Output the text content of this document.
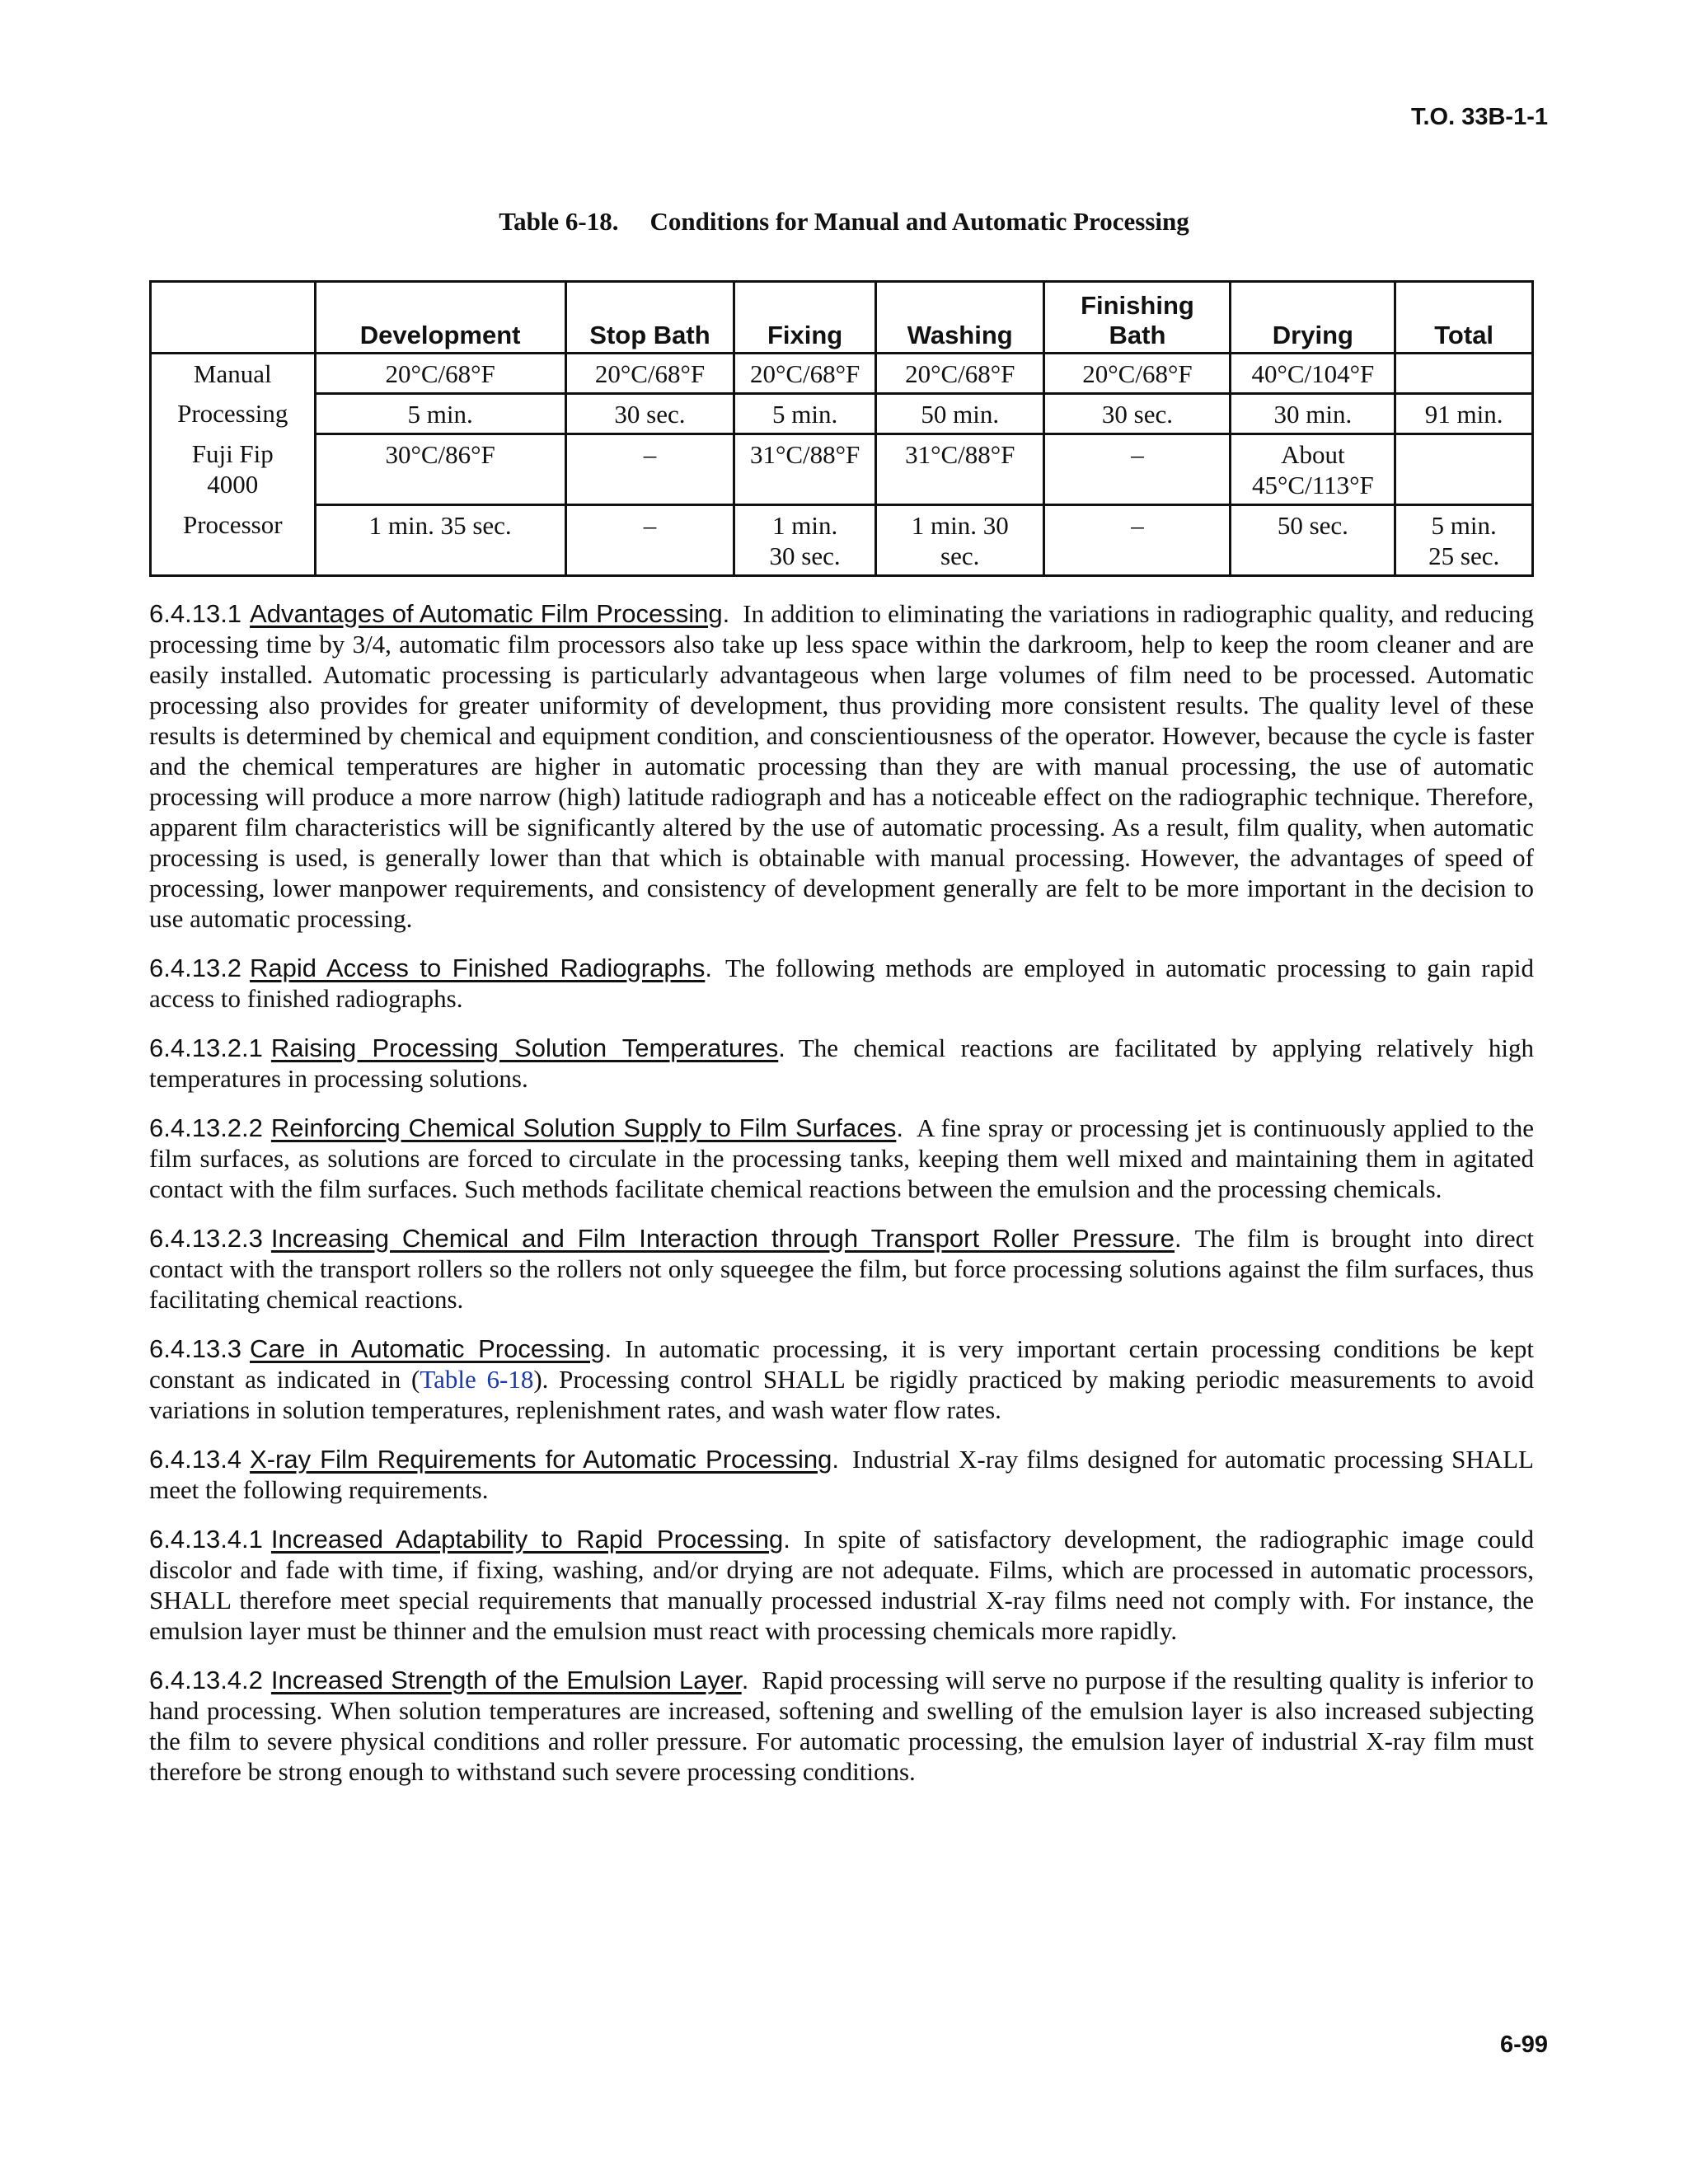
T.O. 33B-1-1

Table 6-18. Conditions for Manual and Automatic Processing

	Development	Stop Bath	Fixing	Washing	Finishing Bath	Drying	Total
Manual	20°C/68°F	20°C/68°F	20°C/68°F	20°C/68°F	20°C/68°F	40°C/104°F	
Processing	5 min.	30 sec.	5 min.	50 min.	30 sec.	30 min.	91 min.
Fuji Fip 4000	30°C/86°F	–	31°C/88°F	31°C/88°F	–	About 45°C/113°F	
Processor	1 min. 35 sec.	–	1 min. 30 sec.	1 min. 30 sec.	–	50 sec.	5 min. 25 sec.

6.4.13.1 Advantages of Automatic Film Processing. In addition to eliminating the variations in radiographic quality, and reducing processing time by 3/4, automatic film processors also take up less space within the darkroom, help to keep the room cleaner and are easily installed. Automatic processing is particularly advantageous when large volumes of film need to be processed. Automatic processing also provides for greater uniformity of development, thus providing more consistent results. The quality level of these results is determined by chemical and equipment condition, and conscientiousness of the operator. However, because the cycle is faster and the chemical temperatures are higher in automatic processing than they are with manual processing, the use of automatic processing will produce a more narrow (high) latitude radiograph and has a noticeable effect on the radiographic technique. Therefore, apparent film characteristics will be significantly altered by the use of automatic processing. As a result, film quality, when automatic processing is used, is generally lower than that which is obtainable with manual processing. However, the advantages of speed of processing, lower manpower requirements, and consistency of development generally are felt to be more important in the decision to use automatic processing.

6.4.13.2 Rapid Access to Finished Radiographs. The following methods are employed in automatic processing to gain rapid access to finished radiographs.

6.4.13.2.1 Raising Processing Solution Temperatures. The chemical reactions are facilitated by applying relatively high temperatures in processing solutions.

6.4.13.2.2 Reinforcing Chemical Solution Supply to Film Surfaces. A fine spray or processing jet is continuously applied to the film surfaces, as solutions are forced to circulate in the processing tanks, keeping them well mixed and maintaining them in agitated contact with the film surfaces. Such methods facilitate chemical reactions between the emulsion and the processing chemicals.

6.4.13.2.3 Increasing Chemical and Film Interaction through Transport Roller Pressure. The film is brought into direct contact with the transport rollers so the rollers not only squeegee the film, but force processing solutions against the film surfaces, thus facilitating chemical reactions.

6.4.13.3 Care in Automatic Processing. In automatic processing, it is very important certain processing conditions be kept constant as indicated in (Table 6-18). Processing control SHALL be rigidly practiced by making periodic measurements to avoid variations in solution temperatures, replenishment rates, and wash water flow rates.

6.4.13.4 X-ray Film Requirements for Automatic Processing. Industrial X-ray films designed for automatic processing SHALL meet the following requirements.

6.4.13.4.1 Increased Adaptability to Rapid Processing. In spite of satisfactory development, the radiographic image could discolor and fade with time, if fixing, washing, and/or drying are not adequate. Films, which are processed in automatic processors, SHALL therefore meet special requirements that manually processed industrial X-ray films need not comply with. For instance, the emulsion layer must be thinner and the emulsion must react with processing chemicals more rapidly.

6.4.13.4.2 Increased Strength of the Emulsion Layer. Rapid processing will serve no purpose if the resulting quality is inferior to hand processing. When solution temperatures are increased, softening and swelling of the emulsion layer is also increased subjecting the film to severe physical conditions and roller pressure. For automatic processing, the emulsion layer of industrial X-ray film must therefore be strong enough to withstand such severe processing conditions.

6-99
